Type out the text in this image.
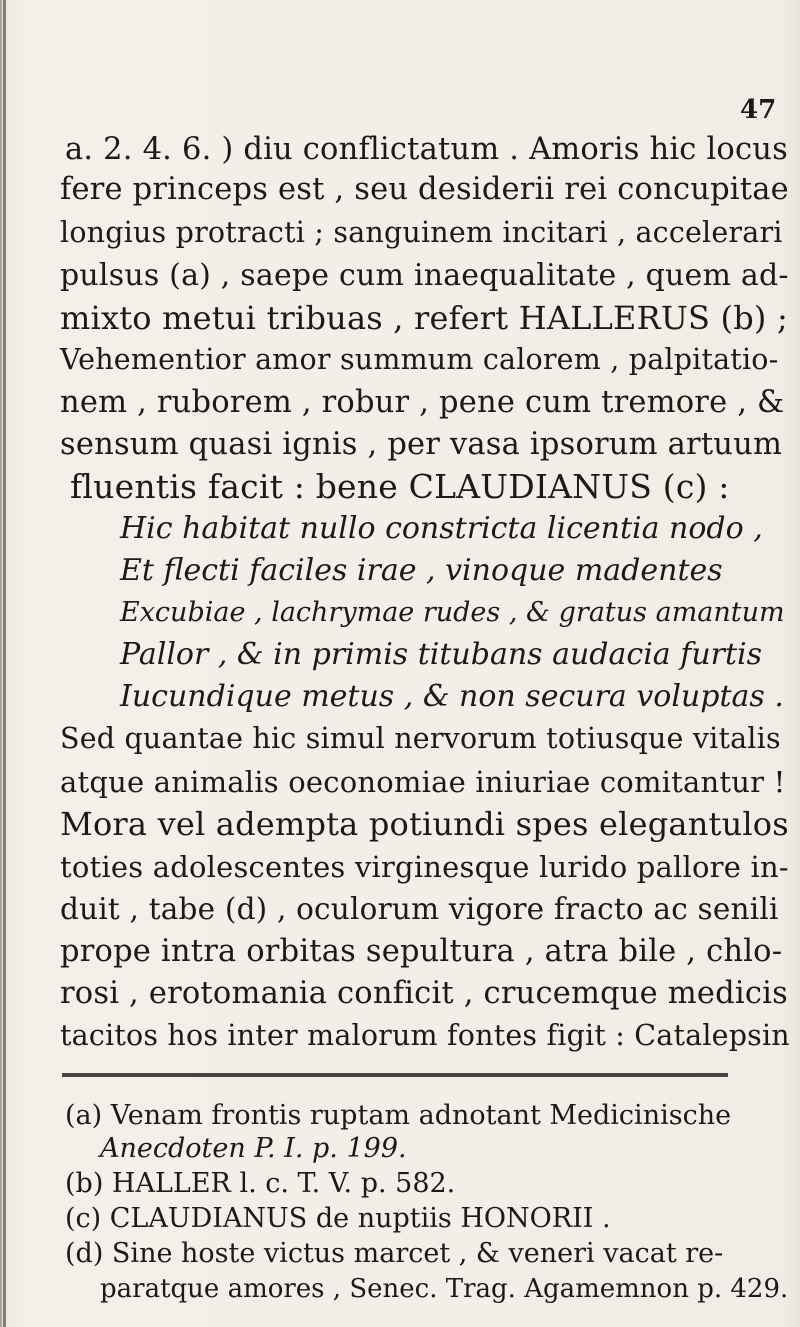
47
a. 2. 4. 6. ) diu conflictatum . Amoris hic locus
fere princeps est , seu desiderii rei concupitae
longius protracti ; sanguinem incitari , accelerari
pulsus (a) , saepe cum inaequalitate , quem ad-
mixto metui tribuas , refert HALLERUS (b) ;
Vehementior amor summum calorem , palpitatio-
nem , ruborem , robur , pene cum tremore , &
sensum quasi ignis , per vasa ipsorum artuum
fluentis facit : bene CLAUDIANUS (c) :
Hic habitat nullo constricta licentia nodo ,
Et flecti faciles irae , vinoque madentes
Excubiae , lachrymae rudes , & gratus amantum
Pallor , & in primis titubans audacia furtis
Iucundique metus , & non secura voluptas .
Sed quantae hic simul nervorum totiusque vitalis
atque animalis oeconomiae iniuriae comitantur !
Mora vel adempta potiundi spes elegantulos
toties adolescentes virginesque lurido pallore in-
duit , tabe (d) , oculorum vigore fracto ac senili
prope intra orbitas sepultura , atra bile , chlo-
rosi , erotomania conficit , crucemque medicis
tacitos hos inter malorum fontes figit : Catalepsin
(a) Venam frontis ruptam adnotant Medicinische
Anecdoten P. I. p. 199.
(b) HALLER l. c. T. V. p. 582.
(c) CLAUDIANUS de nuptiis HONORII .
(d) Sine hoste victus marcet , & veneri vacat re-
paratque amores , Senec. Trag. Agamemnon p. 429.
